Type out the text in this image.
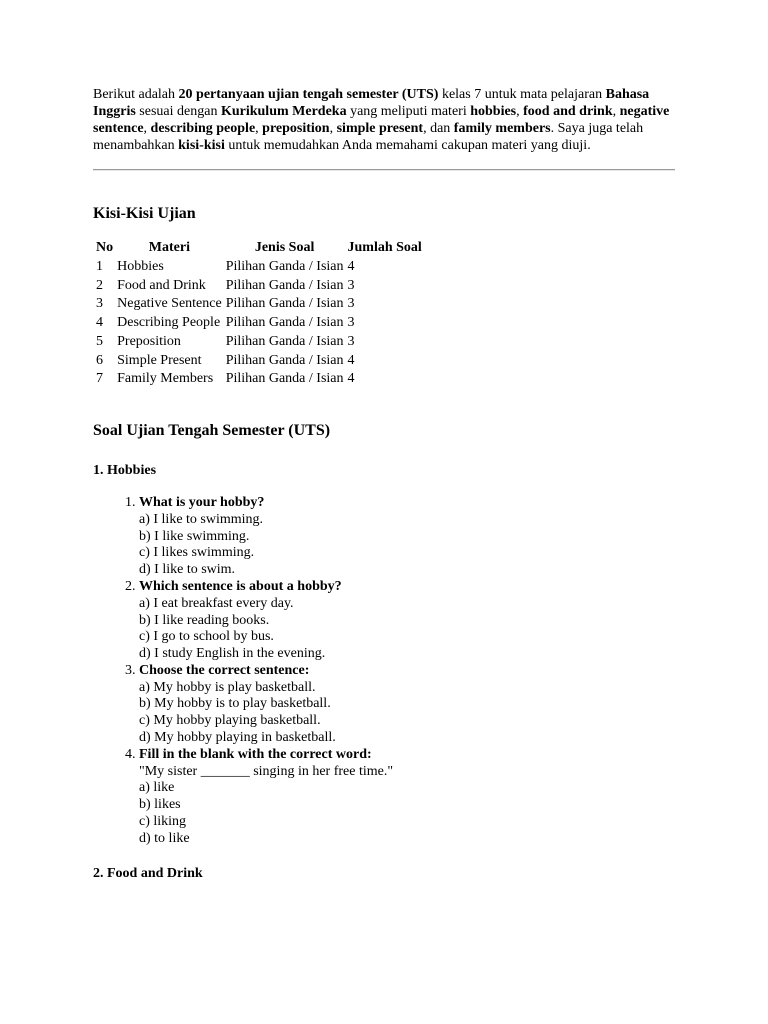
Berikut adalah 20 pertanyaan ujian tengah semester (UTS) kelas 7 untuk mata pelajaran Bahasa Inggris sesuai dengan Kurikulum Merdeka yang meliputi materi hobbies, food and drink, negative sentence, describing people, preposition, simple present, dan family members. Saya juga telah menambahkan kisi-kisi untuk memudahkan Anda memahami cakupan materi yang diuji.

Kisi-Kisi Ujian
No	Materi	Jenis Soal	Jumlah Soal
1	Hobbies	Pilihan Ganda / Isian	4
2	Food and Drink	Pilihan Ganda / Isian	3
3	Negative Sentence	Pilihan Ganda / Isian	3
4	Describing People	Pilihan Ganda / Isian	3
5	Preposition	Pilihan Ganda / Isian	3
6	Simple Present	Pilihan Ganda / Isian	4
7	Family Members	Pilihan Ganda / Isian	4
Soal Ujian Tengah Semester (UTS)
1. Hobbies
1. What is your hobby?
a) I like to swimming.
b) I like swimming.
c) I likes swimming.
d) I like to swim.
2. Which sentence is about a hobby?
a) I eat breakfast every day.
b) I like reading books.
c) I go to school by bus.
d) I study English in the evening.
3. Choose the correct sentence:
a) My hobby is play basketball.
b) My hobby is to play basketball.
c) My hobby playing basketball.
d) My hobby playing in basketball.
4. Fill in the blank with the correct word:
"My sister _______ singing in her free time."
a) like
b) likes
c) liking
d) to like
2. Food and Drink
